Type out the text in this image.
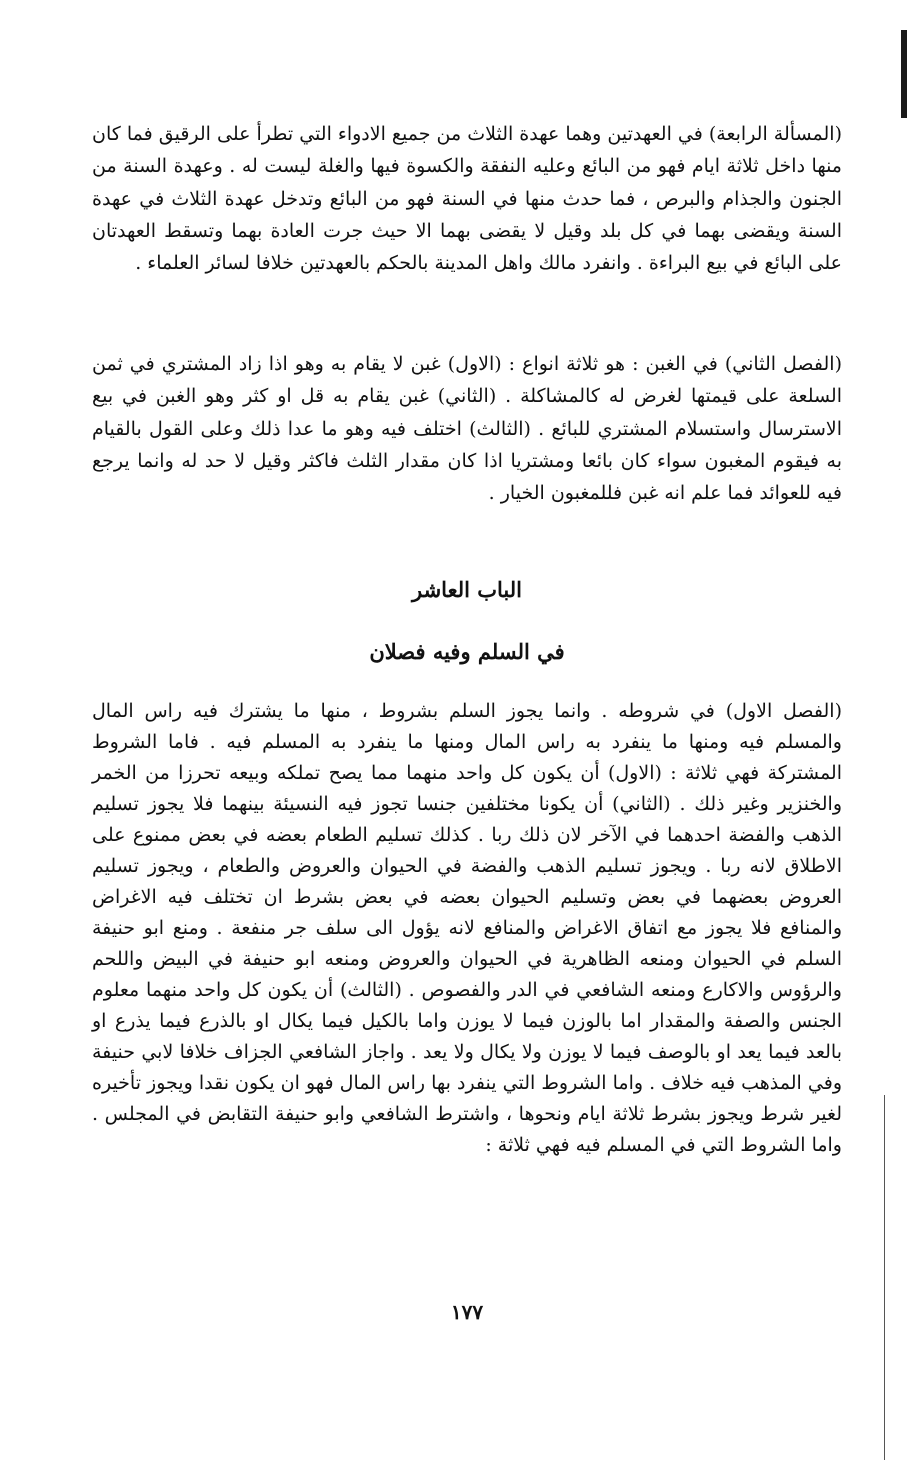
(المسألة الرابعة) في العهدتين وهما عهدة الثلاث من جميع الادواء التي تطرأ على الرقيق فما كان منها داخل ثلاثة ايام فهو من البائع وعليه النفقة والكسوة فيها والغلة ليست له . وعهدة السنة من الجنون والجذام والبرص ، فما حدث منها في السنة فهو من البائع وتدخل عهدة الثلاث في عهدة السنة ويقضى بهما في كل بلد وقيل لا يقضى بهما الا حيث جرت العادة بهما وتسقط العهدتان على البائع في بيع البراءة . وانفرد مالك واهل المدينة بالحكم بالعهدتين خلافا لسائر العلماء .

(الفصل الثاني) في الغبن : هو ثلاثة انواع : (الاول) غبن لا يقام به وهو اذا زاد المشتري في ثمن السلعة على قيمتها لغرض له كالمشاكلة . (الثاني) غبن يقام به قل او كثر وهو الغبن في بيع الاسترسال واستسلام المشتري للبائع . (الثالث) اختلف فيه وهو ما عدا ذلك وعلى القول بالقيام به فيقوم المغبون سواء كان بائعا ومشتريا اذا كان مقدار الثلث فاكثر وقيل لا حد له وانما يرجع فيه للعوائد فما علم انه غبن فللمغبون الخيار .

الباب العاشر
في السلم وفيه فصلان

(الفصل الاول) في شروطه . وانما يجوز السلم بشروط ، منها ما يشترك فيه راس المال والمسلم فيه ومنها ما ينفرد به راس المال ومنها ما ينفرد به المسلم فيه . فاما الشروط المشتركة فهي ثلاثة : (الاول) أن يكون كل واحد منهما مما يصح تملكه وبيعه تحرزا من الخمر والخنزير وغير ذلك . (الثاني) أن يكونا مختلفين جنسا تجوز فيه النسيئة بينهما فلا يجوز تسليم الذهب والفضة احدهما في الآخر لان ذلك ربا . كذلك تسليم الطعام بعضه في بعض ممنوع على الاطلاق لانه ربا . ويجوز تسليم الذهب والفضة في الحيوان والعروض والطعام ، ويجوز تسليم العروض بعضهما في بعض وتسليم الحيوان بعضه في بعض بشرط ان تختلف فيه الاغراض والمنافع فلا يجوز مع اتفاق الاغراض والمنافع لانه يؤول الى سلف جر منفعة . ومنع ابو حنيفة السلم في الحيوان ومنعه الظاهرية في الحيوان والعروض ومنعه ابو حنيفة في البيض واللحم والرؤوس والاكارع ومنعه الشافعي في الدر والفصوص . (الثالث) أن يكون كل واحد منهما معلوم الجنس والصفة والمقدار اما بالوزن فيما لا يوزن واما بالكيل فيما يكال او بالذرع فيما يذرع او بالعد فيما يعد او بالوصف فيما لا يوزن ولا يكال ولا يعد . واجاز الشافعي الجزاف خلافا لابي حنيفة وفي المذهب فيه خلاف . واما الشروط التي ينفرد بها راس المال فهو ان يكون نقدا ويجوز تأخيره لغير شرط ويجوز بشرط ثلاثة ايام ونحوها ، واشترط الشافعي وابو حنيفة التقابض في المجلس . واما الشروط التي في المسلم فيه فهي ثلاثة :

١٧٧
